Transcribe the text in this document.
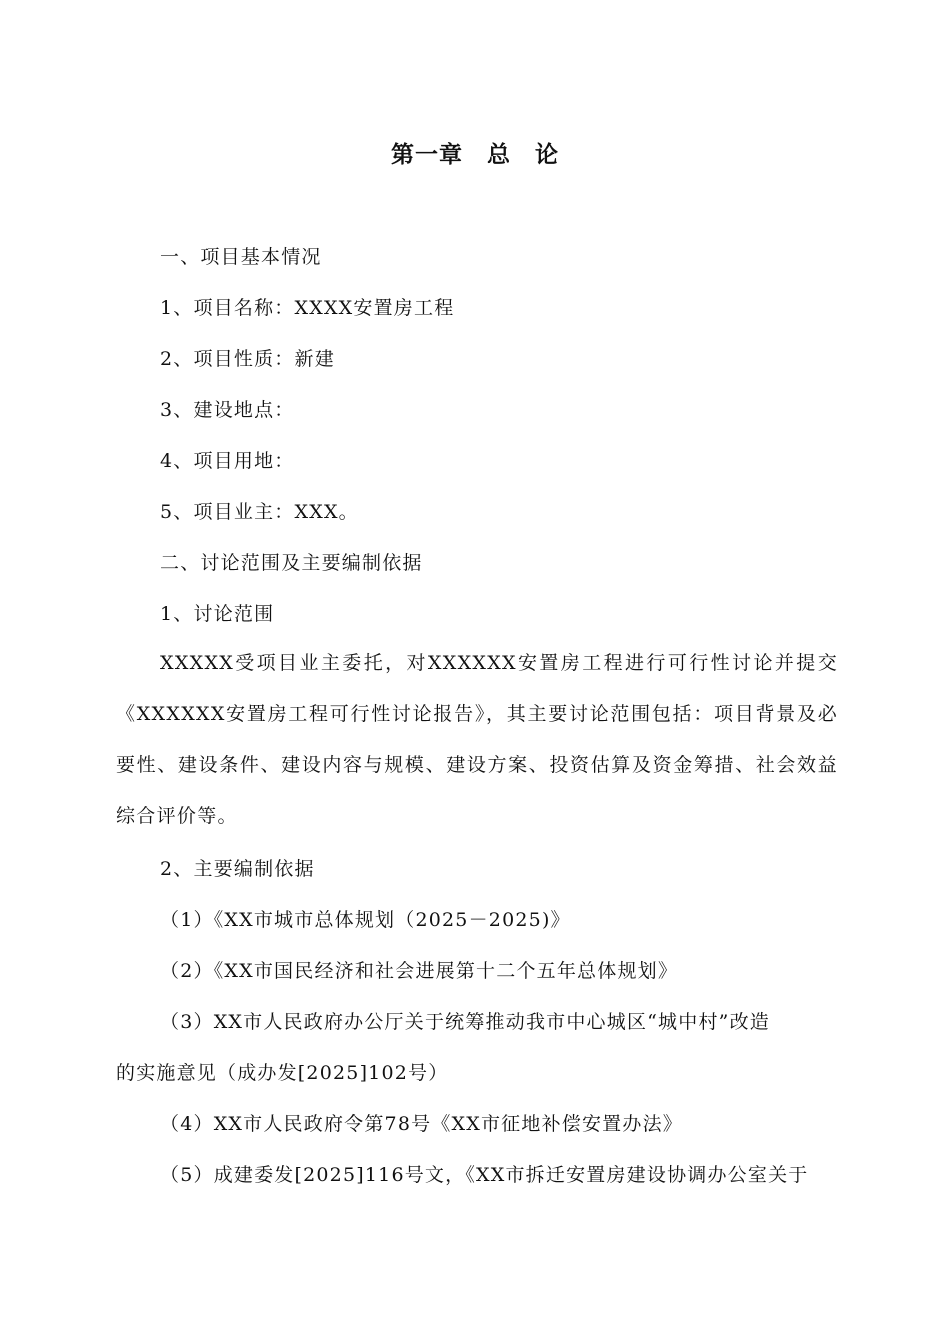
第一章　总　论
一、项目基本情况
1、项目名称：XXXX安置房工程
2、项目性质：新建
3、建设地点：
4、项目用地：
5、项目业主：XXX。
二、讨论范围及主要编制依据
1、讨论范围
XXXXX受项目业主委托，对XXXXXX安置房工程进行可行性讨论并提交《XXXXXX安置房工程可行性讨论报告》，其主要讨论范围包括：项目背景及必要性、建设条件、建设内容与规模、建设方案、投资估算及资金筹措、社会效益综合评价等。
2、主要编制依据
（1）《XX市城市总体规划（2025－2025)》
（2）《XX市国民经济和社会进展第十二个五年总体规划》
（3）XX市人民政府办公厅关于统筹推动我市中心城区“城中村”改造
的实施意见（成办发[2025]102号）
（4）XX市人民政府令第78号《XX市征地补偿安置办法》
（5）成建委发[2025]116号文，《XX市拆迁安置房建设协调办公室关于
